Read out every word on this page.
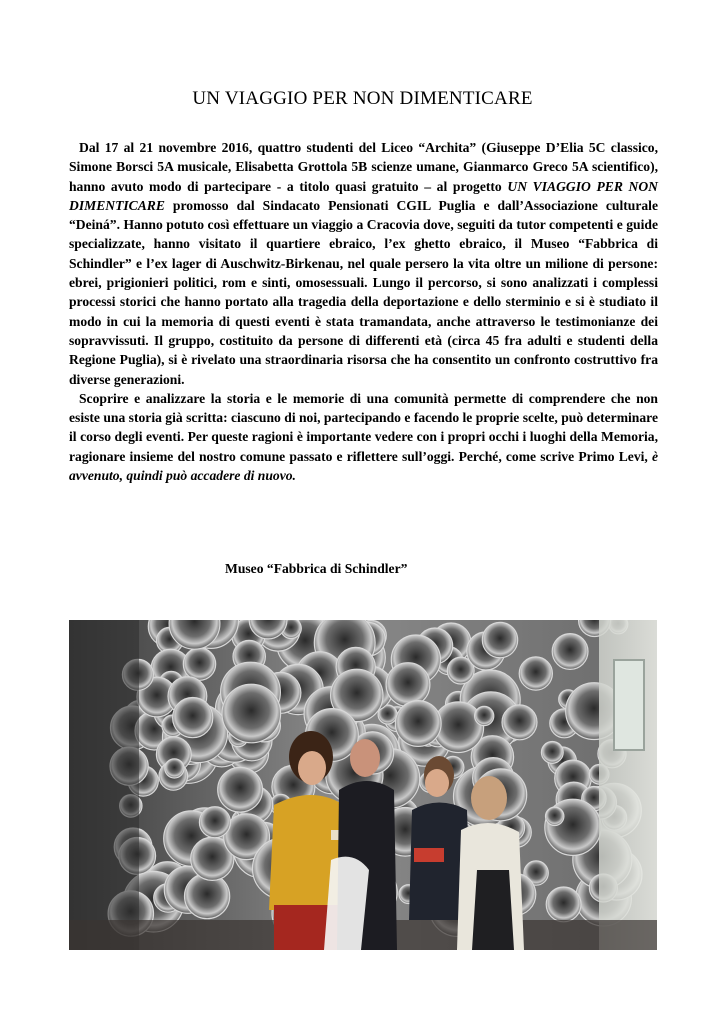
UN VIAGGIO PER NON DIMENTICARE

Dal 17 al 21 novembre 2016, quattro studenti del Liceo “Archita” (Giuseppe D’Elia 5C classico, Simone Borsci 5A musicale, Elisabetta Grottola 5B scienze umane, Gianmarco Greco 5A scientifico), hanno avuto modo di partecipare - a titolo quasi gratuito – al progetto UN VIAGGIO PER NON DIMENTICARE promosso dal Sindacato Pensionati CGIL Puglia e dall’Associazione culturale “Deiná”. Hanno potuto così effettuare un viaggio a Cracovia dove, seguiti da tutor competenti e guide specializzate, hanno visitato il quartiere ebraico, l’ex ghetto ebraico, il Museo “Fabbrica di Schindler” e l’ex lager di Auschwitz-Birkenau, nel quale persero la vita oltre un milione di persone: ebrei, prigionieri politici, rom e sinti, omosessuali. Lungo il percorso, si sono analizzati i complessi processi storici che hanno portato alla tragedia della deportazione e dello sterminio e si è studiato il modo in cui la memoria di questi eventi è stata tramandata, anche attraverso le testimonianze dei sopravvissuti. Il gruppo, costituito da persone di differenti età (circa 45 fra adulti e studenti della Regione Puglia), si è rivelato una straordinaria risorsa che ha consentito un confronto costruttivo fra diverse generazioni.

Scoprire e analizzare la storia e le memorie di una comunità permette di comprendere che non esiste una storia già scritta: ciascuno di noi, partecipando e facendo le proprie scelte, può determinare il corso degli eventi. Per queste ragioni è importante vedere con i propri occhi i luoghi della Memoria, ragionare insieme del nostro comune passato e riflettere sull’oggi. Perché, come scrive Primo Levi, è avvenuto, quindi può accadere di nuovo.

Museo “Fabbrica di Schindler”
